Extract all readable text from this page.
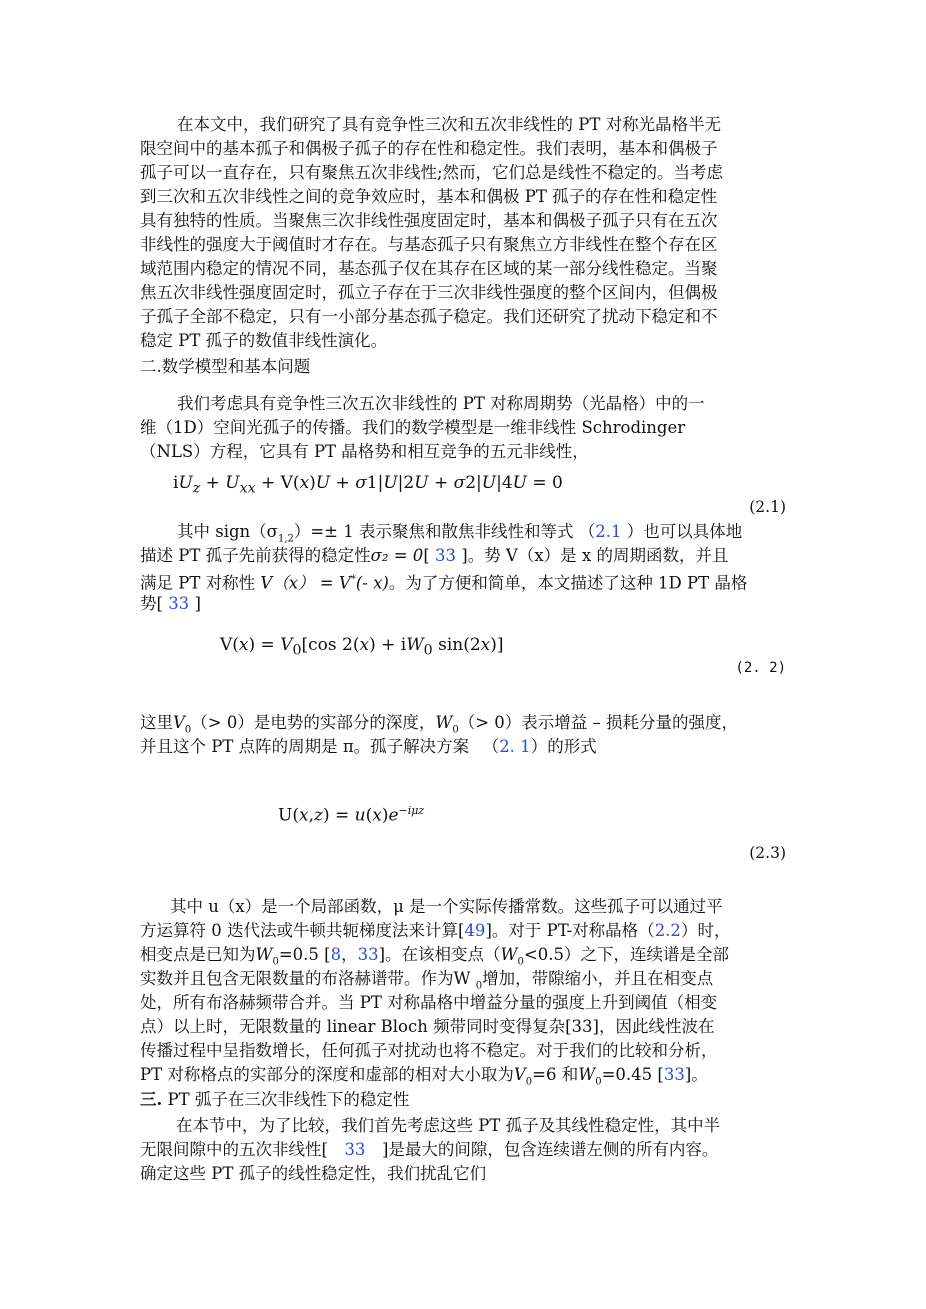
在本文中，我们研究了具有竞争性三次和五次非线性的 PT 对称光晶格半无
限空间中的基本孤子和偶极子孤子的存在性和稳定性。我们表明，基本和偶极子
孤子可以一直存在，只有聚焦五次非线性;然而，它们总是线性不稳定的。当考虑
到三次和五次非线性之间的竞争效应时，基本和偶极 PT 孤子的存在性和稳定性
具有独特的性质。当聚焦三次非线性强度固定时，基本和偶极子孤子只有在五次
非线性的强度大于阈值时才存在。与基态孤子只有聚焦立方非线性在整个存在区
域范围内稳定的情况不同，基态孤子仅在其存在区域的某一部分线性稳定。当聚
焦五次非线性强度固定时，孤立子存在于三次非线性强度的整个区间内，但偶极
子孤子全部不稳定，只有一小部分基态孤子稳定。我们还研究了扰动下稳定和不
稳定 PT 孤子的数值非线性演化。
二.数学模型和基本问题
我们考虑具有竞争性三次五次非线性的 PT 对称周期势（光晶格）中的一
维（1D）空间光孤子的传播。我们的数学模型是一维非线性 Schrodinger
（NLS）方程，它具有 PT 晶格势和相互竞争的五元非线性，
$iU_z + U_{xx} + V(x)U + \sigma 1|U|2U + \sigma 2|U|4U = 0$
(2.1)
其中 $sign(\sigma_{1,2})=\pm 1$ 表示聚焦和散焦非线性和等式 （2.1 ）也可以具体地
描述 PT 孤子先前获得的稳定性σ₂ = 0[ 33 ]。势 V（x）是 x 的周期函数，并且
满足 PT 对称性 V（x） = V*(- x)。为了方便和简单，本文描述了这种 1D PT 晶格
势[ 33 ]
$V(x) = V_0[\cos$ $2(x) + iW_0$ sin(2x)]
(2. 2)
这里$V_0(> 0)$是电势的实部分的深度，$W_0(> 0)$表示增益 – 损耗分量的强度，
并且这个 PT 点阵的周期是 π。孤子解决方案 　（2. 1）的形式
$U(x,z) = u(x)e^{-i\mu z}$
(2.3)
其中 u（x）是一个局部函数，μ 是一个实际传播常数。这些孤子可以通过平
方运算符 0 迭代法或牛顿共轭梯度法来计算[49]。对于 PT-对称晶格（2.2）时，
相变点是已知为$W_0=0.5$ [8，33]。在该相变点$(W_0<0.5)$之下，连续谱是全部
实数并且包含无限数量的布洛赫谱带。作为W $_0$增加，带隙缩小，并且在相变点
处，所有布洛赫频带合并。当 PT 对称晶格中增益分量的强度上升到阈值（相变
点）以上时，无限数量的 linear Bloch 频带同时变得复杂[33]，因此线性波在
传播过程中呈指数增长，任何孤子对扰动也将不稳定。对于我们的比较和分析，
PT 对称格点的实部分的深度和虚部的相对大小取为$V_0=6$ 和$W_0=0.45$ [33]。
三. PT 弧子在三次非线性下的稳定性
在本节中，为了比较，我们首先考虑这些 PT 孤子及其线性稳定性，其中半
无限间隙中的五次非线性[　33　]是最大的间隙，包含连续谱左侧的所有内容。
确定这些 PT 孤子的线性稳定性，我们扰乱它们
